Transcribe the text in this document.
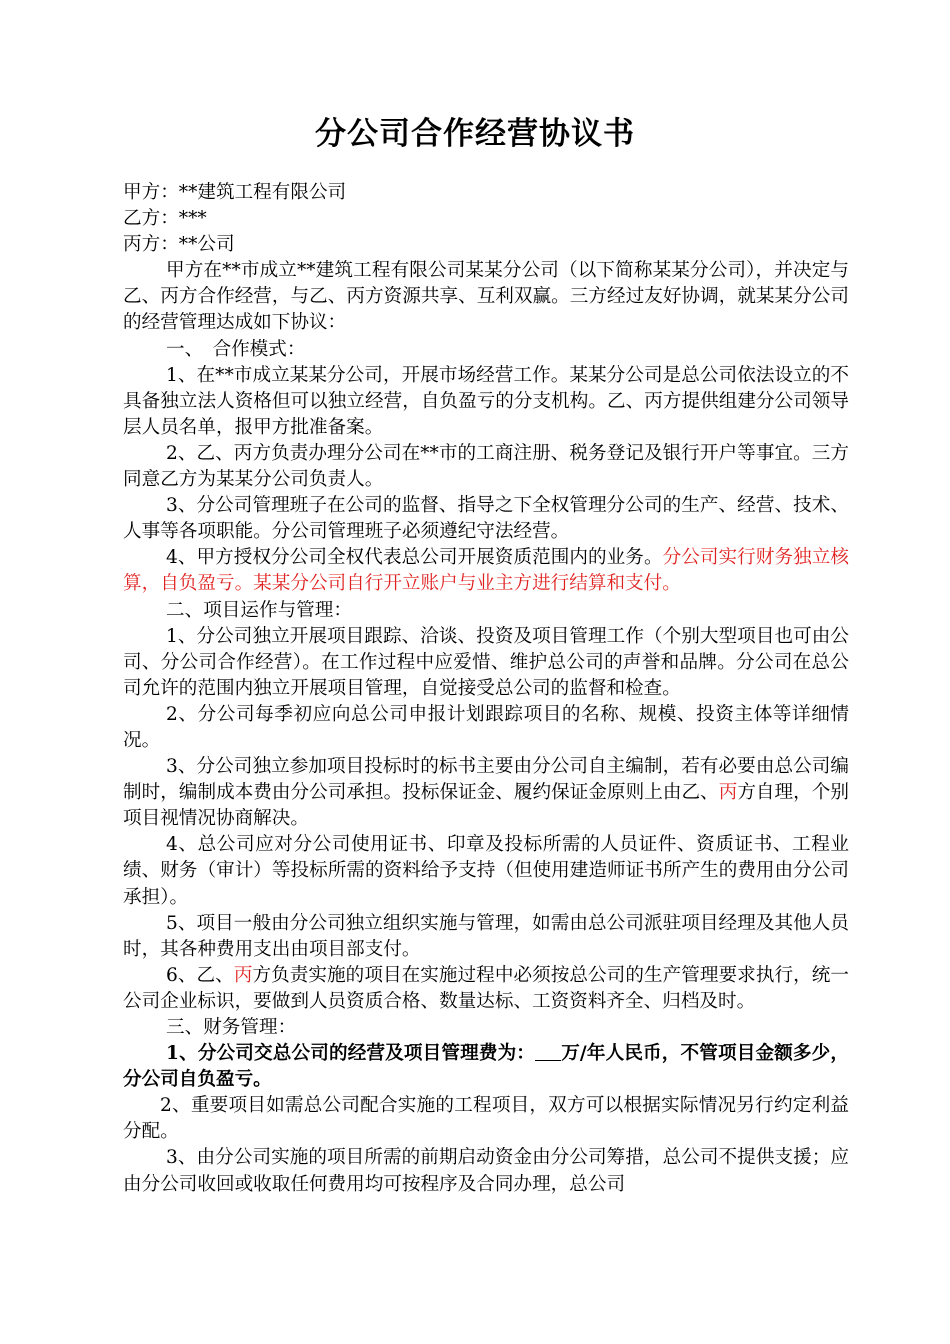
分公司合作经营协议书

甲方：**建筑工程有限公司

乙方：***

丙方：**公司

甲方在**市成立**建筑工程有限公司某某分公司（以下简称某某分公司），并决定与乙、丙方合作经营，与乙、丙方资源共享、互利双赢。三方经过友好协调，就某某分公司的经营管理达成如下协议：

一、　合作模式：

1、在**市成立某某分公司，开展市场经营工作。某某分公司是总公司依法设立的不具备独立法人资格但可以独立经营，自负盈亏的分支机构。乙、丙方提供组建分公司领导层人员名单，报甲方批准备案。

2、乙、丙方负责办理分公司在**市的工商注册、税务登记及银行开户等事宜。三方同意乙方为某某分公司负责人。

3、分公司管理班子在公司的监督、指导之下全权管理分公司的生产、经营、技术、人事等各项职能。分公司管理班子必须遵纪守法经营。

4、甲方授权分公司全权代表总公司开展资质范围内的业务。分公司实行财务独立核算，自负盈亏。某某分公司自行开立账户与业主方进行结算和支付。

二、项目运作与管理：

1、分公司独立开展项目跟踪、洽谈、投资及项目管理工作（个别大型项目也可由公司、分公司合作经营）。在工作过程中应爱惜、维护总公司的声誉和品牌。分公司在总公司允许的范围内独立开展项目管理，自觉接受总公司的监督和检查。

2、分公司每季初应向总公司申报计划跟踪项目的名称、规模、投资主体等详细情况。

3、分公司独立参加项目投标时的标书主要由分公司自主编制，若有必要由总公司编制时，编制成本费由分公司承担。投标保证金、履约保证金原则上由乙、丙方自理，个别项目视情况协商解决。

4、总公司应对分公司使用证书、印章及投标所需的人员证件、资质证书、工程业绩、财务（审计）等投标所需的资料给予支持（但使用建造师证书所产生的费用由分公司承担）。

5、项目一般由分公司独立组织实施与管理，如需由总公司派驻项目经理及其他人员时，其各种费用支出由项目部支付。

6、乙、丙方负责实施的项目在实施过程中必须按总公司的生产管理要求执行，统一公司企业标识，要做到人员资质合格、数量达标、工资资料齐全、归档及时。

三、财务管理：

1、分公司交总公司的经营及项目管理费为： 万/年人民币，不管项目金额多少，分公司自负盈亏。

2、重要项目如需总公司配合实施的工程项目，双方可以根据实际情况另行约定利益分配。

3、由分公司实施的项目所需的前期启动资金由分公司筹措，总公司不提供支援；应由分公司收回或收取任何费用均可按程序及合同办理，总公司
